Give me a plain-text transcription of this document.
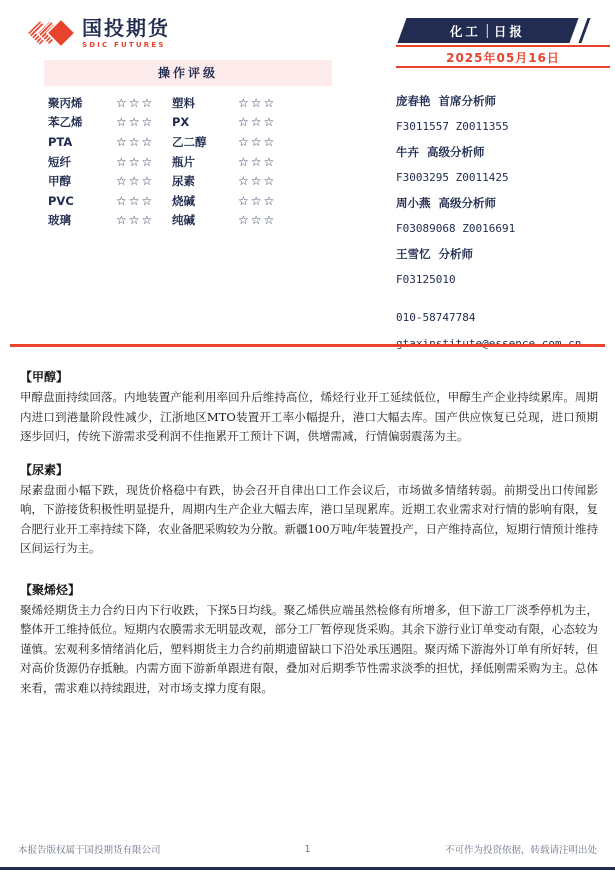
国投期货
SDIC FUTURES
化工 日报
2025年05月16日
操作评级
聚丙烯	☆☆☆	塑料	☆☆☆
苯乙烯	☆☆☆	PX	☆☆☆
PTA	☆☆☆	乙二醇	☆☆☆
短纤	☆☆☆	瓶片	☆☆☆
甲醇	☆☆☆	尿素	☆☆☆
PVC	☆☆☆	烧碱	☆☆☆
玻璃	☆☆☆	纯碱	☆☆☆
庞春艳 首席分析师
F3011557 Z0011355
牛卉 高级分析师
F3003295 Z0011425
周小燕 高级分析师
F03089068 Z0016691
王雪忆 分析师
F03125010
010-58747784
【甲醇】
甲醇盘面持续回落。内地装置产能利用率回升后维持高位，烯烃行业开工延续低位，甲醇生产企业持续累库。周期内进口到港量阶段性减少，江浙地区MTO装置开工率小幅提升，港口大幅去库。国产供应恢复已兑现，进口预期逐步回归，传统下游需求受利润不佳拖累开工预计下调，供增需减，行情偏弱震荡为主。
【尿素】
尿素盘面小幅下跌，现货价格稳中有跌，协会召开自律出口工作会议后，市场做多情绪转弱。前期受出口传闻影响，下游接货积极性明显提升，周期内生产企业大幅去库，港口呈现累库。近期工农业需求对行情的影响有限，复合肥行业开工率持续下降，农业备肥采购较为分散。新疆100万吨/年装置投产，日产维持高位，短期行情预计维持区间运行为主。
【聚烯烃】
聚烯烃期货主力合约日内下行收跌，下探5日均线。聚乙烯供应端虽然检修有所增多，但下游工厂淡季停机为主，整体开工维持低位。短期内农膜需求无明显改观，部分工厂暂停现货采购。其余下游行业订单变动有限，心态较为谨慎。宏观利多情绪消化后，塑料期货主力合约前期遗留缺口下沿处承压遇阻。聚丙烯下游海外订单有所好转，但对高价货源仍存抵触。内需方面下游新单跟进有限，叠加对后期季节性需求淡季的担忧，择低刚需采购为主。总体来看，需求难以持续跟进，对市场支撑力度有限。
本报告版权属于国投期货有限公司	1	不可作为投资依据，转载请注明出处
